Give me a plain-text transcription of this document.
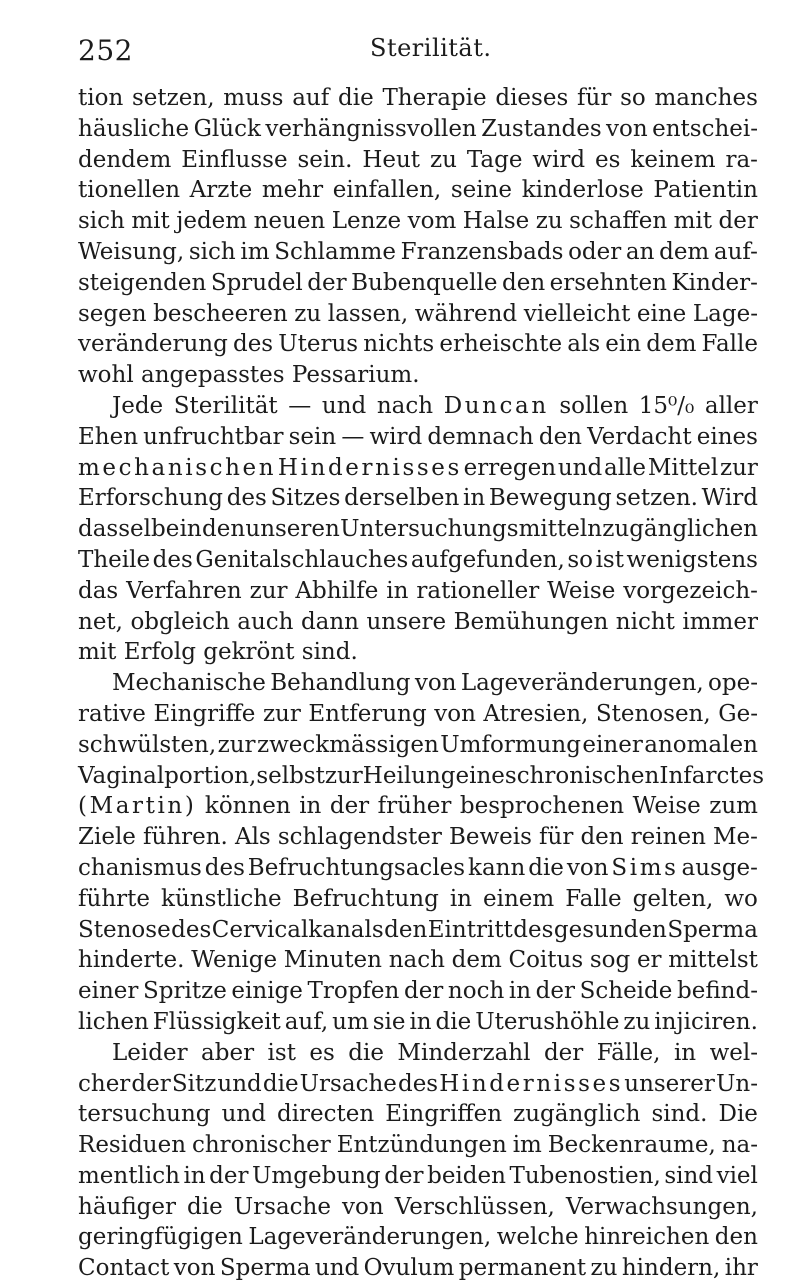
252	Sterilität.
tion setzen, muss auf die Therapie dieses für so manches
häusliche Glück verhängnissvollen Zustandes von entschei-
dendem Einflusse sein. Heut zu Tage wird es keinem ra-
tionellen Arzte mehr einfallen, seine kinderlose Patientin
sich mit jedem neuen Lenze vom Halse zu schaffen mit der
Weisung, sich im Schlamme Franzensbads oder an dem auf-
steigenden Sprudel der Bubenquelle den ersehnten Kinder-
segen bescheeren zu lassen, während vielleicht eine Lage-
veränderung des Uterus nichts erheischte als ein dem Falle
wohl
angepasstes
Pessarium.
Jede Sterilität — und nach Duncan sollen 15⁰/₀ aller
Ehen unfruchtbar sein — wird demnach den Verdacht eines
mechanischen Hindernisses erregen und alle Mittel zur
Erforschung des Sitzes derselben in Bewegung setzen. Wird
dasselbe in den unseren Untersuchungsmitteln zugänglichen
Theile des Genitalschlauches aufgefunden, so ist wenigstens
das Verfahren zur Abhilfe in rationeller Weise vorgezeich-
net, obgleich auch dann unsere Bemühungen nicht immer
mit
Erfolg
gekrönt
sind.
Mechanische Behandlung von Lageveränderungen, ope-
rative Eingriffe zur Entferung von Atresien, Stenosen, Ge-
schwülsten, zur zweckmässigen Umformung einer anomalen
Vaginalportion, selbst zur Heilung eines chronischen Infarctes
(Martin) können in der früher besprochenen Weise zum
Ziele führen. Als schlagendster Beweis für den reinen Me-
chanismus des Befruchtungsacles kann die von Sims ausge-
führte künstliche Befruchtung in einem Falle gelten, wo
Stenose des Cervicalkanals den Eintritt des gesunden Sperma
hinderte. Wenige Minuten nach dem Coitus sog er mittelst
einer Spritze einige Tropfen der noch in der Scheide befind-
lichen Flüssigkeit auf, um sie in die Uterushöhle zu injiciren.
Leider aber ist es die Minderzahl der Fälle, in wel-
cher der Sitz und die Ursache des Hindernisses unserer Un-
tersuchung und directen Eingriffen zugänglich sind. Die
Residuen chronischer Entzündungen im Beckenraume, na-
mentlich in der Umgebung der beiden Tubenostien, sind viel
häufiger die Ursache von Verschlüssen, Verwachsungen,
geringfügigen Lageveränderungen, welche hinreichen den
Contact von Sperma und Ovulum permanent zu hindern, ihr
